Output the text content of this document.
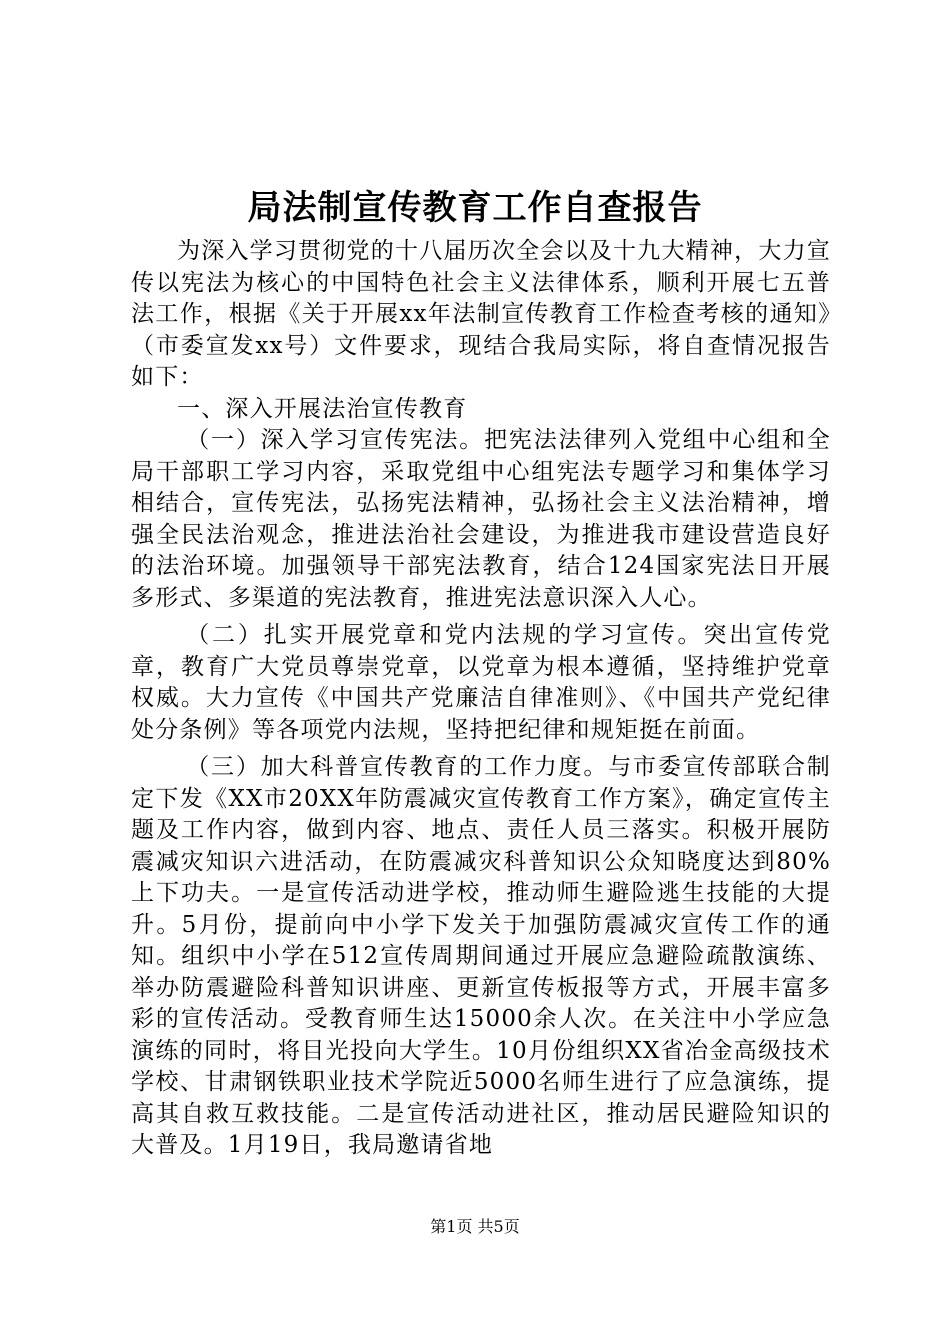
局法制宣传教育工作自查报告

为深入学习贯彻党的十八届历次全会以及十九大精神，大力宣传以宪法为核心的中国特色社会主义法律体系，顺利开展七五普法工作，根据《关于开展xx年法制宣传教育工作检查考核的通知》（市委宣发xx号）文件要求，现结合我局实际，将自查情况报告如下：

一、深入开展法治宣传教育

（一）深入学习宣传宪法。把宪法法律列入党组中心组和全局干部职工学习内容，采取党组中心组宪法专题学习和集体学习相结合，宣传宪法，弘扬宪法精神，弘扬社会主义法治精神，增强全民法治观念，推进法治社会建设，为推进我市建设营造良好的法治环境。加强领导干部宪法教育，结合124国家宪法日开展多形式、多渠道的宪法教育，推进宪法意识深入人心。

（二）扎实开展党章和党内法规的学习宣传。突出宣传党章，教育广大党员尊崇党章，以党章为根本遵循，坚持维护党章权威。大力宣传《中国共产党廉洁自律准则》、《中国共产党纪律处分条例》等各项党内法规，坚持把纪律和规矩挺在前面。

（三）加大科普宣传教育的工作力度。与市委宣传部联合制定下发《XX市20XX年防震减灾宣传教育工作方案》，确定宣传主题及工作内容，做到内容、地点、责任人员三落实。积极开展防震减灾知识六进活动，在防震减灾科普知识公众知晓度达到80%上下功夫。一是宣传活动进学校，推动师生避险逃生技能的大提升。5月份，提前向中小学下发关于加强防震减灾宣传工作的通知。组织中小学在512宣传周期间通过开展应急避险疏散演练、举办防震避险科普知识讲座、更新宣传板报等方式，开展丰富多彩的宣传活动。受教育师生达15000余人次。在关注中小学应急演练的同时，将目光投向大学生。10月份组织XX省冶金高级技术学校、甘肃钢铁职业技术学院近5000名师生进行了应急演练，提高其自救互救技能。二是宣传活动进社区，推动居民避险知识的大普及。1月19日，我局邀请省地

第1页 共5页
